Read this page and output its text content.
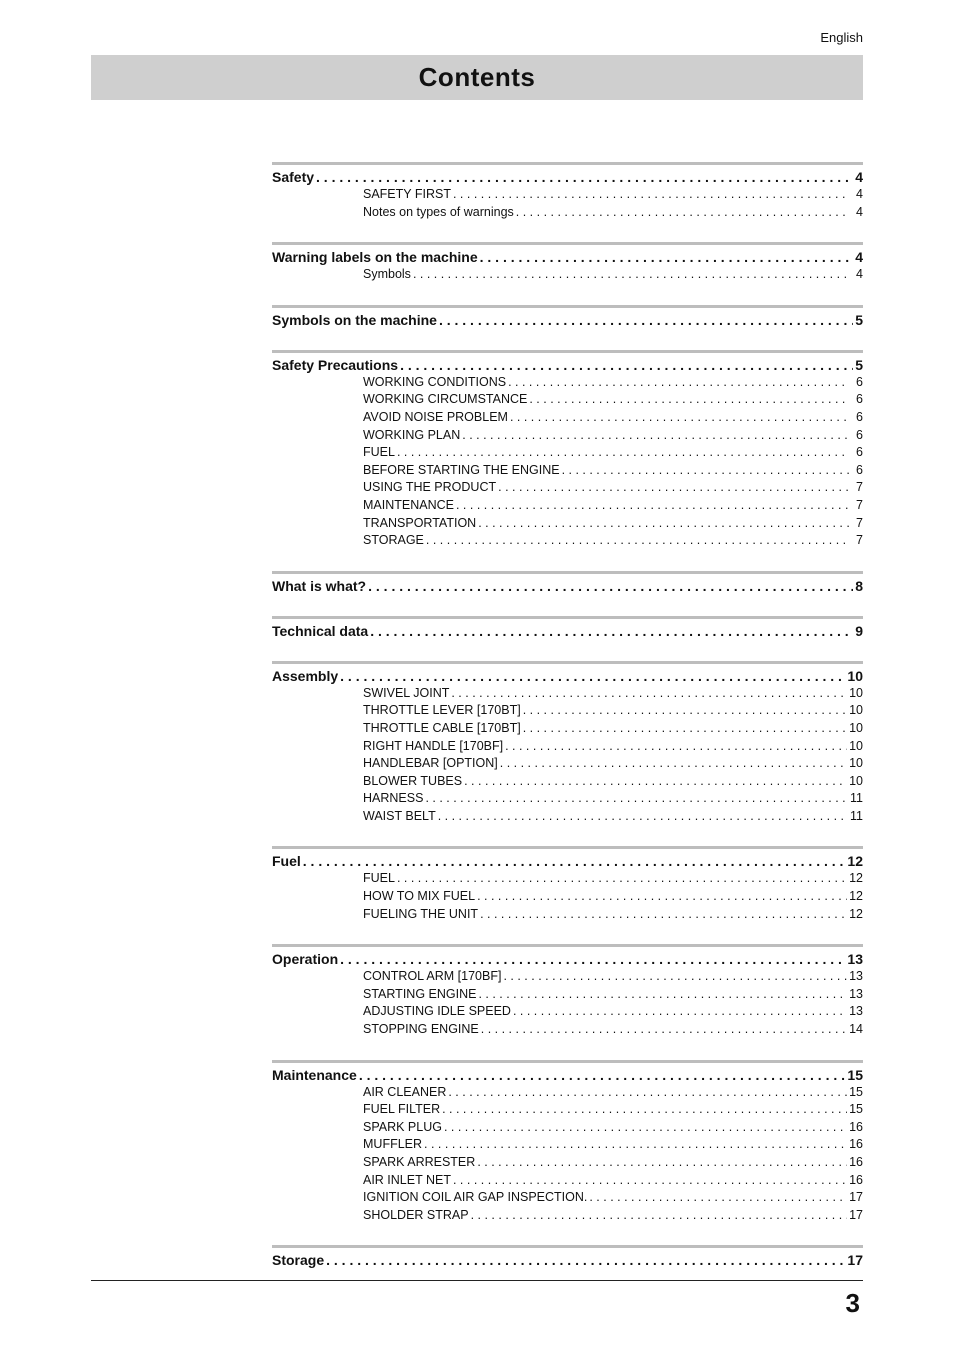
English
Contents
Safety . . .	4
SAFETY FIRST . . .	4
Notes on types of warnings . . .	4
Warning labels on the machine . . .	4
Symbols . . .	4
Symbols on the machine . . .	5
Safety Precautions . . .	5
WORKING CONDITIONS . . .	6
WORKING CIRCUMSTANCE . . .	6
AVOID NOISE PROBLEM . . .	6
WORKING PLAN . . .	6
FUEL . . .	6
BEFORE STARTING THE ENGINE . . .	6
USING THE PRODUCT . . .	7
MAINTENANCE . . .	7
TRANSPORTATION . . .	7
STORAGE . . .	7
What is what? . . .	8
Technical data . . .	9
Assembly . . .	10
SWIVEL JOINT . . .	10
THROTTLE LEVER [170BT] . . .	10
THROTTLE CABLE [170BT] . . .	10
RIGHT HANDLE [170BF] . . .	10
HANDLEBAR [OPTION] . . .	10
BLOWER TUBES . . .	10
HARNESS . . .	11
WAIST BELT . . .	11
Fuel . . .	12
FUEL . . .	12
HOW TO MIX FUEL . . .	12
FUELING THE UNIT . . .	12
Operation . . .	13
CONTROL ARM [170BF] . . .	13
STARTING ENGINE . . .	13
ADJUSTING IDLE SPEED . . .	13
STOPPING ENGINE . . .	14
Maintenance . . .	15
AIR CLEANER . . .	15
FUEL FILTER . . .	15
SPARK PLUG . . .	16
MUFFLER . . .	16
SPARK ARRESTER . . .	16
AIR INLET NET . . .	16
IGNITION COIL AIR GAP INSPECTION. . . .	17
SHOLDER STRAP . . .	17
Storage . . .	17
3
